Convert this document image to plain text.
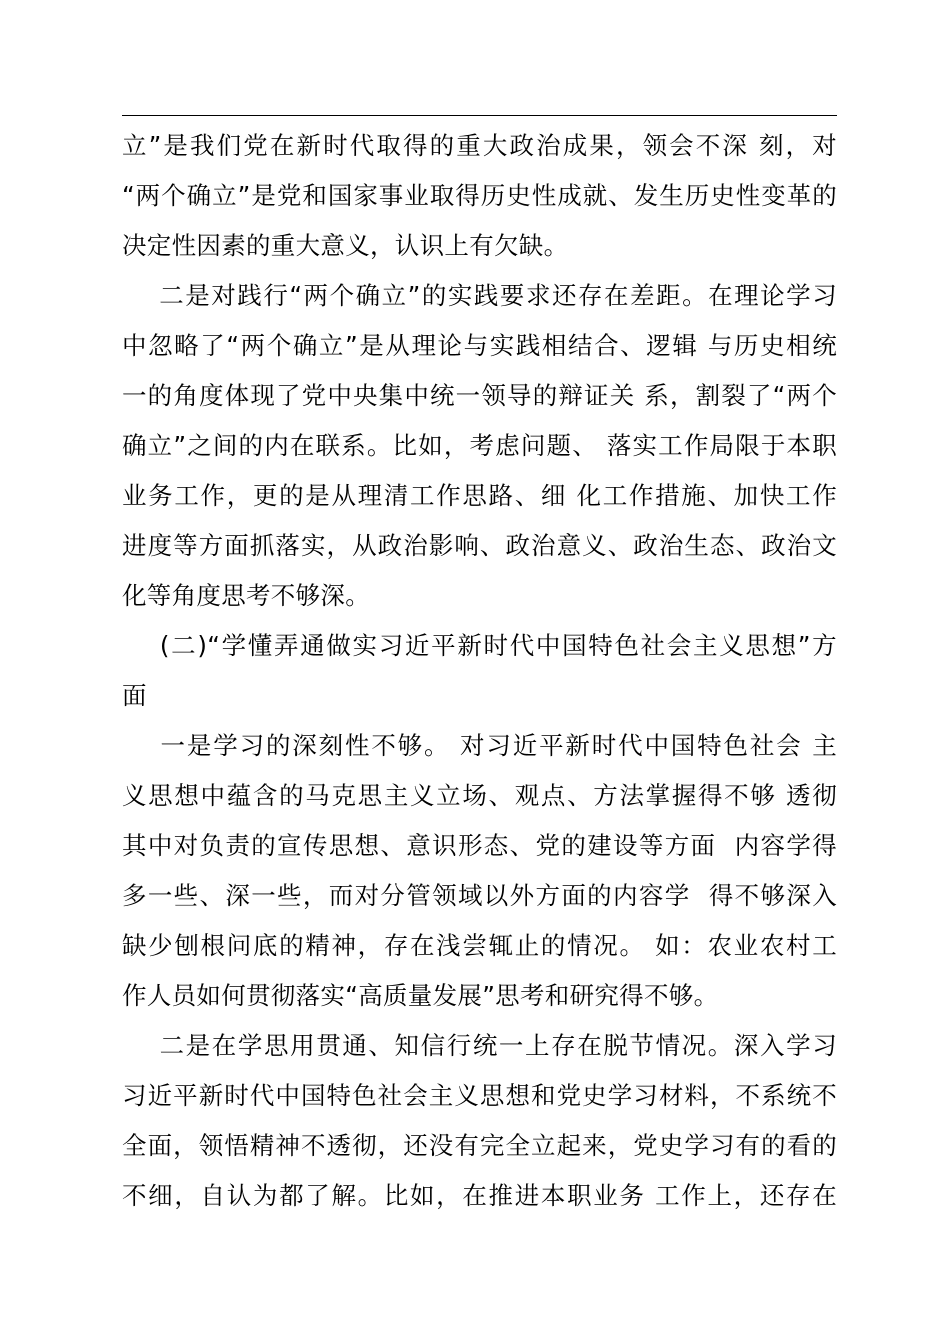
立”是我们党在新时代取得的重大政治成果，领会不深 刻，对
“两个确立”是党和国家事业取得历史性成就、发生历史性变革的
决定性因素的重大意义，认识上有欠缺。
二是对践行“两个确立”的实践要求还存在差距。在理论学习
中忽略了“两个确立”是从理论与实践相结合、逻辑 与历史相统
一的角度体现了党中央集中统一领导的辩证关 系，割裂了“两个
确立”之间的内在联系。比如，考虑问题、 落实工作局限于本职
业务工作，更的是从理清工作思路、细 化工作措施、加快工作
进度等方面抓落实，从政治影响、政治意义、政治生态、政治文
化等角度思考不够深。
(二)“学懂弄通做实习近平新时代中国特色社会主义思想”方
面
一是学习的深刻性不够。 对习近平新时代中国特色社会 主
义思想中蕴含的马克思主义立场、观点、方法掌握得不够 透彻
其中对负责的宣传思想、意识形态、党的建设等方面  内容学得
多一些、深一些，而对分管领域以外方面的内容学  得不够深入
缺少刨根问底的精神，存在浅尝辄止的情况。 如：农业农村工
作人员如何贯彻落实“高质量发展”思考和研究得不够。
二是在学思用贯通、知信行统一上存在脱节情况。深入学习
习近平新时代中国特色社会主义思想和党史学习材料，不系统不
全面，领悟精神不透彻，还没有完全立起来，党史学习有的看的
不细，自认为都了解。比如，在推进本职业务 工作上，还存在
